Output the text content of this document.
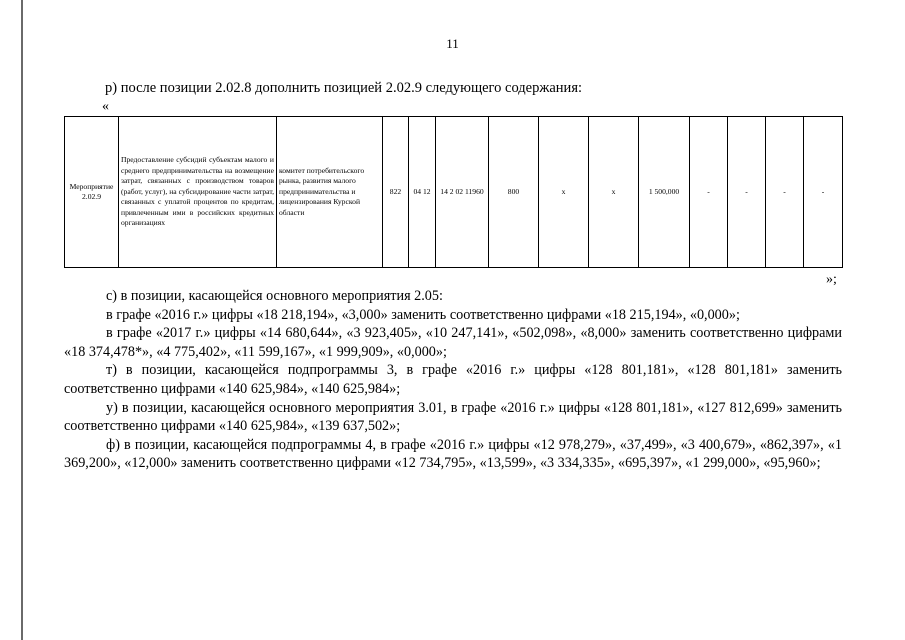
11
р) после позиции 2.02.8 дополнить позицией 2.02.9 следующего содержания:
«
Мероприятие 2.02.9	Предоставление субсидий субъектам малого и среднего предпринимательства на возмещение затрат, связанных с производством товаров (работ, услуг), на субсидирование части затрат, связанных с уплатой процентов по кредитам, привлеченным ими в российских кредитных организациях	комитет потребительского рынка, развития малого предпринимательства и лицензирования Курской области	822	04 12	14 2 02 11960	800	х	х	1 500,000	-	-	-	-
»;

с) в позиции, касающейся основного мероприятия 2.05:

в графе «2016 г.» цифры «18 218,194», «3,000» заменить соответственно цифрами «18 215,194», «0,000»;

в графе «2017 г.» цифры «14 680,644», «3 923,405», «10 247,141», «502,098», «8,000» заменить соответственно цифрами «18 374,478*», «4 775,402», «11 599,167», «1 999,909», «0,000»;

т) в позиции, касающейся подпрограммы 3, в графе «2016 г.» цифры «128 801,181», «128 801,181» заменить соответственно цифрами «140 625,984», «140 625,984»;

у) в позиции, касающейся основного мероприятия 3.01, в графе «2016 г.» цифры «128 801,181», «127 812,699» заменить соответственно цифрами «140 625,984», «139 637,502»;

ф) в позиции, касающейся подпрограммы 4, в графе «2016 г.» цифры «12 978,279», «37,499», «3 400,679», «862,397», «1 369,200», «12,000» заменить соответственно цифрами «12 734,795», «13,599», «3 334,335», «695,397», «1 299,000», «95,960»;
